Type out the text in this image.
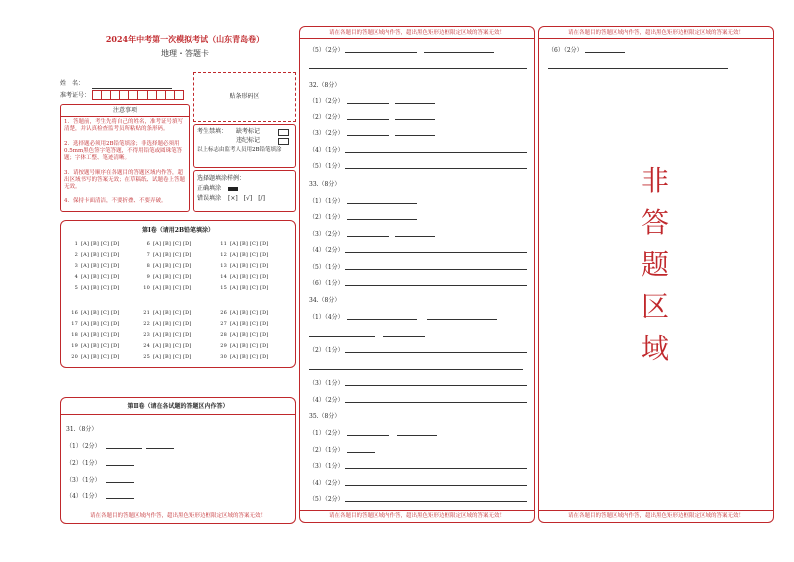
2024年中考第一次模拟考试（山东青岛卷）
地理・答题卡
姓　名：
准考证号：	贴条形码区
注意事项
1．答题前，考生先将自己的姓名，准考证号填写清楚，并认真检查监考员所粘贴的条形码。
2．选择题必须用2B铅笔填涂；非选择题必须用0.5mm黑色签字笔答题，不得用铅笔或圆珠笔答题；字体工整、笔迹清晰。
3．请按题号顺序在各题目的答题区域内作答，超出区域书写的答案无效；在草稿纸、试题卷上答题无效。
4．保持卡面清洁，不要折叠、不要弄破。
考生禁填： 缺考标记
违纪标记
以上标志由监考人员用2B铅笔填涂
选择题填涂样例：
正确填涂
错误填涂 [×]　[√]　[/]
第Ⅰ卷（请用2B铅笔填涂）
1 [A] [B] [C] [D]
2 [A] [B] [C] [D]
3 [A] [B] [C] [D]
4 [A] [B] [C] [D]
5 [A] [B] [C] [D]
6 [A] [B] [C] [D]
7 [A] [B] [C] [D]
8 [A] [B] [C] [D]
9 [A] [B] [C] [D]
10 [A] [B] [C] [D]
11 [A] [B] [C] [D]
12 [A] [B] [C] [D]
13 [A] [B] [C] [D]
14 [A] [B] [C] [D]
15 [A] [B] [C] [D]
16 [A] [B] [C] [D]
17 [A] [B] [C] [D]
18 [A] [B] [C] [D]
19 [A] [B] [C] [D]
20 [A] [B] [C] [D]
21 [A] [B] [C] [D]
22 [A] [B] [C] [D]
23 [A] [B] [C] [D]
24 [A] [B] [C] [D]
25 [A] [B] [C] [D]
26 [A] [B] [C] [D]
27 [A] [B] [C] [D]
28 [A] [B] [C] [D]
29 [A] [B] [C] [D]
30 [A] [B] [C] [D]
第Ⅱ卷（请在各试题的答题区内作答）
31.（8分）
（1）（2分）
（2）（1分）
（3）（1分）
（4）（1分）
请在各题目的答题区域内作答，超出黑色矩形边框限定区域的答案无效！
请在各题目的答题区域内作答，超出黑色矩形边框限定区域的答案无效！
（5）（2分）
32.（8分）
（1）（2分）
（2）（2分）
（3）（2分）
（4）（1分）
（5）（1分）
33.（8分）
（1）（1分）
（2）（1分）
（3）（2分）
（4）（2分）
（5）（1分）
（6）（1分）
34.（8分）
（1）（4分）
（2）（1分）
（3）（1分）
（4）（2分）
35.（8分）
（1）（2分）
（2）（1分）
（3）（1分）
（4）（2分）
（5）（2分）
请在各题目的答题区域内作答，超出黑色矩形边框限定区域的答案无效！
请在各题目的答题区域内作答，超出黑色矩形边框限定区域的答案无效！
（6）（2分）
非
答
题
区
域
请在各题目的答题区域内作答，超出黑色矩形边框限定区域的答案无效！
